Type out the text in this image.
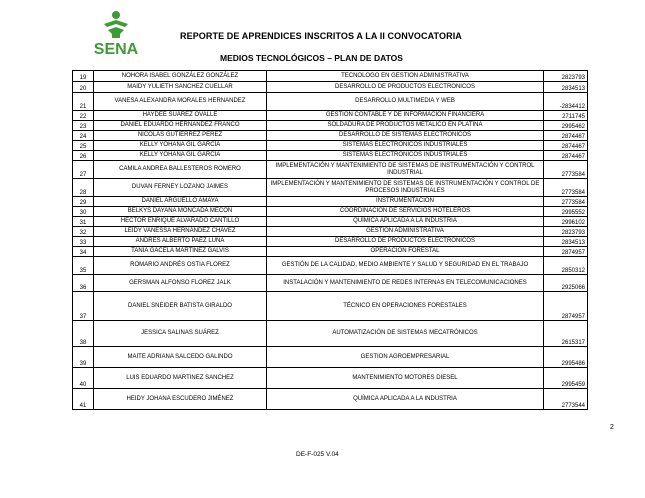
SENA
REPORTE DE APRENDICES INSCRITOS A LA II CONVOCATORIA
MEDIOS TECNOLÓGICOS – PLAN DE DATOS
19	NOHORA ISABEL GONZÁLEZ GONZÁLEZ	TECNOLOGO EN GESTION ADMINISTRATIVA	2823793
20	MAIDY YULIETH SANCHEZ CUELLAR	DESARROLLO DE PRODUCTOS ELECTRONICOS	2834513
21	VANESA ALEXANDRA MORALES HERNANDEZ	DESARROLLO MULTIMEDIA Y WEB	-2834412
22	HAYDEÉ SUÁREZ OVALLE	GESTION CONTABLE Y DE INFORMACIÓN FINANCIERA	2711745
23	DANIEL EDUARDO HERNANDEZ FRANCO	SOLDADURA DE PRODUCTOS METALICO EN PLATINA	2995462
24	NICOLÁS GUTIÉRREZ PEREZ	DESARROLLO DE SISTEMAS ELECTRÓNICOS	2874467
25	KELLY YOHANA GIL GARCÍA	SISTEMAS ELECTRÓNICOS INDUSTRIALES	2874467
26	KELLY YOHANA GIL GARCÍA	SISTEMAS ELECTRÓNICOS INDUSTRIALES	2874467
27	CAMILA ANDREA BALLESTEROS ROMERO	IMPLEMENTACIÓN Y MANTENIMIENTO DE SISTEMAS DE INSTRUMENTACIÓN Y CONTROL INDUSTRIAL	2773584
28	DUVAN FERNEY LOZANO JAIMES	IMPLEMENTACIÓN Y MANTENIMIENTO DE SISTEMAS DE INSTRUMENTACIÓN Y CONTROL DE PROCESOS INDUSTRIALES	2773584
29	DANIEL ARGÜELLO AMAYA	INSTRUMENTACIÓN	2773584
30	BELKYS DAYANA MONCADA MECON	COORDINACIÓN DE SERVICIOS HOTELEROS	2995552
31	HECTOR ENRIQUE ALVARADO CANTILLO	QUÍMICA APLICADA A LA INDUSTRIA	2996102
32	LEIDY VANESSA HERNÁNDEZ CHAVEZ	GESTIÓN ADMINISTRATIVA	2823793
33	ANDRES ALBERTO PAEZ LUNA	DESARROLLO DE PRODUCTOS ELECTRONICOS	2834513
34	TANIA GACELA MARTÍNEZ GALVIS	OPERACION FORESTAL	2874957
35	ROMARIO ANDRÉS OSTIA FLOREZ	GESTIÓN DE LA CALIDAD, MEDIO AMBIENTE Y SALUD Y SEGURIDAD EN EL TRABAJO	2850312
36	GERSMAN ALFONSO FLOREZ JALK	INSTALACIÓN Y MANTENIMIENTO DE REDES INTERNAS EN TELECOMUNICACIONES	2925066
37	DANIEL SNEIDER BATISTA GIRALDO	TÉCNICO EN OPERACIONES FORESTALES	2874957
38	JESSICA SALINAS SUÁREZ	AUTOMATIZACIÓN DE SISTEMAS MECATRÓNICOS	2615317
39	MAITE ADRIANA SALCEDO GALINDO	GESTION AGROEMPRESARIAL	2995486
40	LUIS EDUARDO MARTINEZ SANCHEZ	MANTENIMIENTO MOTORES DIESEL	2995459
41	HEIDY JOHANA ESCUDERO JIMÉNEZ	QUÍMICA APLICADA A LA INDUSTRIA	2773544
2
DE-F-025 V.04
